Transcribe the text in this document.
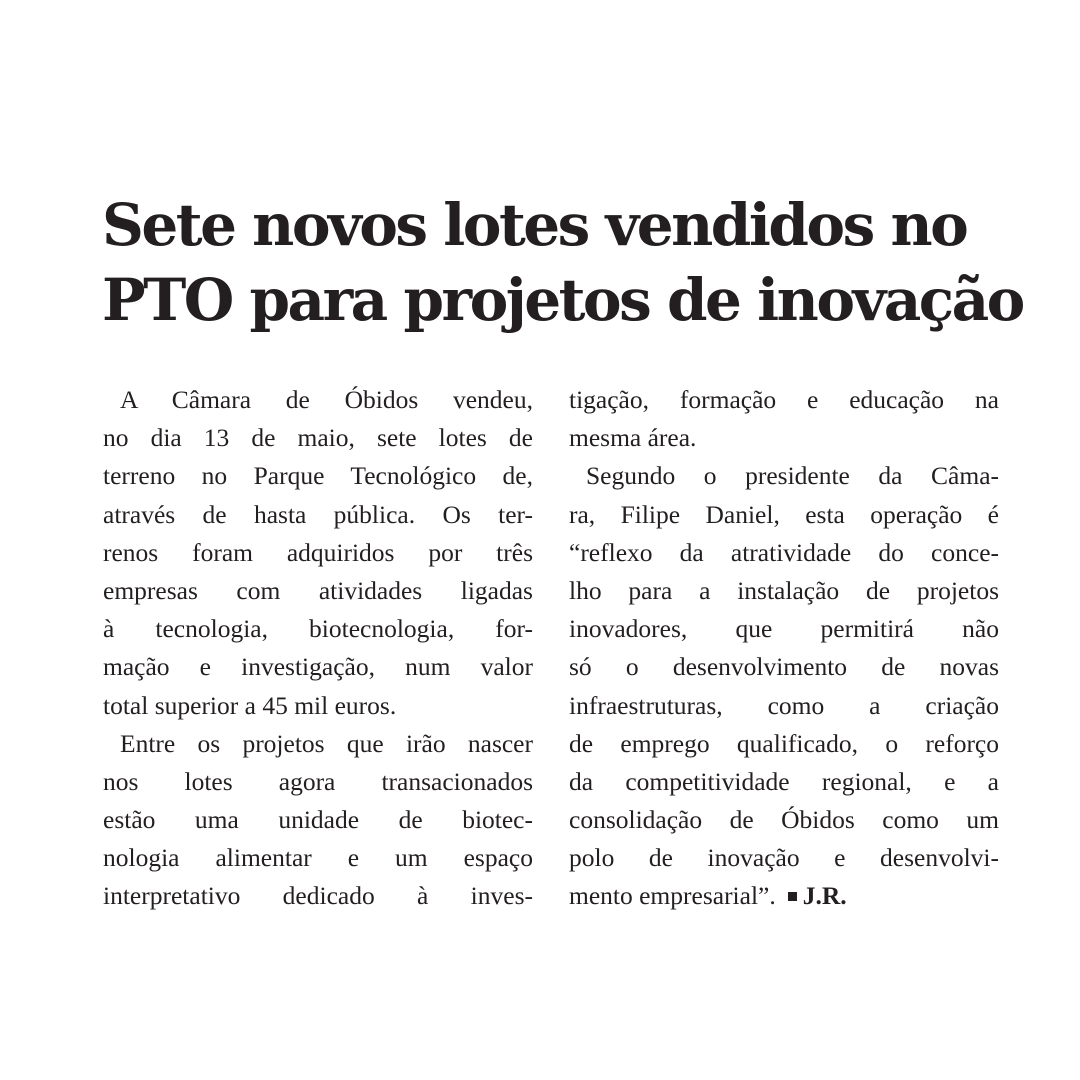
Sete novos lotes vendidos no
PTO para projetos de inovação
A Câmara de Óbidos vendeu,
no dia 13 de maio, sete lotes de
terreno no Parque Tecnológico de,
através de hasta pública. Os ter-
renos foram adquiridos por três
empresas com atividades ligadas
à tecnologia, biotecnologia, for-
mação e investigação, num valor
total superior a 45 mil euros.
Entre os projetos que irão nascer
nos lotes agora transacionados
estão uma unidade de biotec-
nologia alimentar e um espaço
interpretativo dedicado à inves-
tigação, formação e educação na
mesma área.
Segundo o presidente da Câma-
ra, Filipe Daniel, esta operação é
“reflexo da atratividade do conce-
lho para a instalação de projetos
inovadores, que permitirá não
só o desenvolvimento de novas
infraestruturas, como a criação
de emprego qualificado, o reforço
da competitividade regional, e a
consolidação de Óbidos como um
polo de inovação e desenvolvi-
mento empresarial”. J.R.
